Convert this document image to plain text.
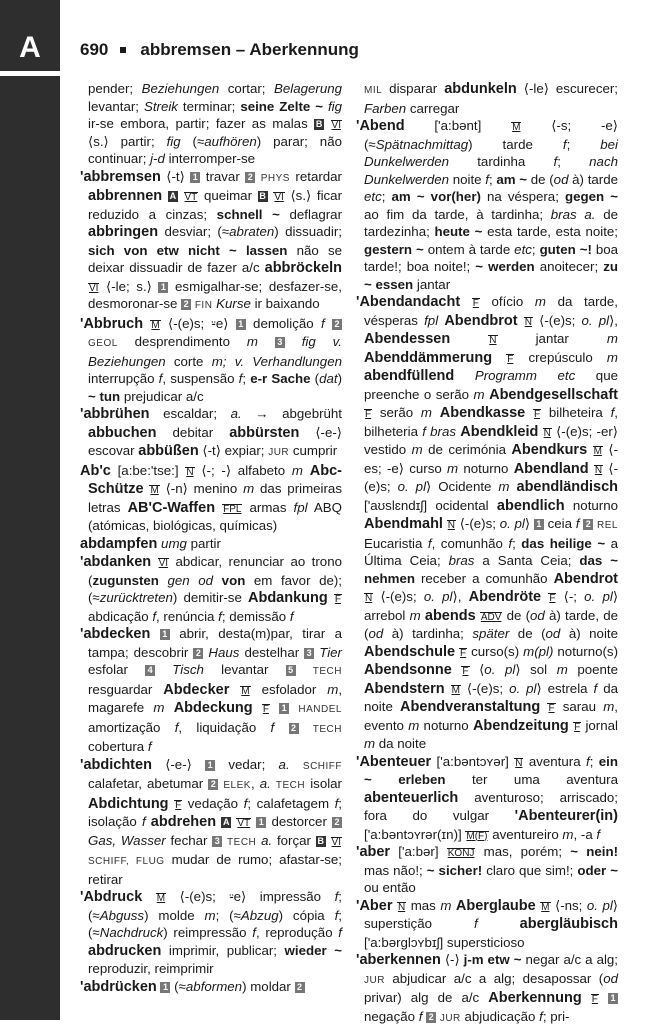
A 690 abbremsen – Aberkennung

pender; Beziehungen cortar; Belagerung levantar; Streik terminar; seine Zelte ~ fig ir-se embora, partir; fazer as malas B VI ⟨s.⟩ partir; fig (≈aufhören) parar; não continuar; j-d interromper-se

'abbremsen ⟨-t⟩ 1 travar 2 PHYS retardar abbrennen A VT queimar B VI ⟨s.⟩ ficar reduzido a cinzas; schnell ~ deflagrar abbringen desviar; (≈abraten) dissuadir; sich von etw nicht ~ lassen não se deixar dissuadir de fazer a/c abbröckeln VI ⟨-le; s.⟩ 1 esmigalhar-se; desfazer-se, desmoronar-se 2 FIN Kurse ir baixando

'Abbruch M ⟨-(e)s; ⸚e⟩ 1 demolição f 2 GEOL desprendimento m 3 fig v. Beziehungen corte m; v. Verhandlungen interrupção f, suspensão f; e-r Sache (dat) ~ tun prejudicar a/c

'abbrühen escaldar; a. → abgebrüht abbuchen debitar abbürsten ⟨-e-⟩ escovar abbüßen ⟨-t⟩ expiar; JUR cumprir

Ab'c [a:be:'tse:] N ⟨-; -⟩ alfabeto m Abc-Schütze M ⟨-n⟩ menino m das primeiras letras AB'C-Waffen FPL armas fpl ABQ (atómicas, biológicas, químicas)

abdampfen umg partir

'abdanken VI abdicar, renunciar ao trono (zugunsten gen od von em favor de); (≈zurücktreten) demitir-se Abdankung F abdicação f, renúncia f; demissão f

'abdecken 1 abrir, desta(m)par, tirar a tampa; descobrir 2 Haus destelhar 3 Tier esfolar 4 Tisch levantar 5 TECH resguardar Abdecker M esfolador m, magarefe m Abdeckung F 1 HANDEL amortização f, liquidação f 2 TECH cobertura f

'abdichten ⟨-e-⟩ 1 vedar; a. SCHIFF calafetar, abetumar 2 ELEK, a. TECH isolar Abdichtung F vedação f; calafetagem f; isolação f abdrehen A VT 1 destorcer 2 Gas, Wasser fechar 3 TECH a. forçar B VI SCHIFF, FLUG mudar de rumo; afastar-se; retirar

'Abdruck M ⟨-(e)s; ⸚e⟩ impressão f; (≈Abguss) molde m; (≈Abzug) cópia f; (≈Nachdruck) reimpressão f, reprodução f abdrucken imprimir, publicar; wieder ~ reproduzir, reimprimir

'abdrücken 1 (≈abformen) moldar 2

MIL disparar abdunkeln ⟨-le⟩ escurecer; Farben carregar

'Abend ['a:bənt] M ⟨-s; -e⟩ (≈Spätnachmittag) tarde f; bei Dunkelwerden tardinha f; nach Dunkelwerden noite f; am ~ de (od à) tarde etc; am ~ vor(her) na véspera; gegen ~ ao fim da tarde, à tardinha; bras a. de tardezinha; heute ~ esta tarde, esta noite; gestern ~ ontem à tarde etc; guten ~! boa tarde!; boa noite!; ~ werden anoitecer; zu ~ essen jantar

'Abendandacht F ofício m da tarde, vésperas fpl Abendbrot N ⟨-(e)s; o. pl⟩, Abendessen	N jantar m Abenddämmerung F crepúsculo m abendfüllend Programm etc que preenche o serão m Abendgesellschaft F serão m Abendkasse F bilheteira f, bilheteria f bras Abendkleid N ⟨-(e)s; -er⟩ vestido m de cerimónia Abendkurs M ⟨-es; -e⟩ curso m noturno Abendland N ⟨-(e)s; o. pl⟩ Ocidente m abendländisch ['aʊslɛndɪʃ] ocidental abendlich noturno Abendmahl N ⟨-(e)s; o. pl⟩ 1 ceia f 2 REL Eucaristia f, comunhão f; das heilige ~ a Última Ceia; bras a Santa Ceia; das ~ nehmen receber a comunhão Abendrot N ⟨-(e)s; o. pl⟩, Abendröte F ⟨-; o. pl⟩ arrebol m abends ADV de (od à) tarde, de (od à) tardinha; später de (od à) noite Abendschule F curso(s) m(pl) noturno(s) Abendsonne F ⟨o. pl⟩ sol m poente Abendstern M ⟨-(e)s; o. pl⟩ estrela f da noite Abendveranstaltung F sarau m, evento m noturno Abendzeitung F jornal m da noite

'Abenteuer ['a:bəntɔʏər] N aventura f; ein ~ erleben ter uma aventura abenteuerlich aventuroso; arriscado; fora do vulgar 'Abenteurer(in) ['a:bəntɔʏrər(ɪn)] M(F) aventureiro m, -a f

'aber ['a:bər] KONJ mas, porém; ~ nein! mas não!; ~ sicher! claro que sim!; oder ~ ou então

'Aber N mas m Aberglaube M ⟨-ns; o. pl⟩ superstição f	abergläubisch ['a:bərglɔʏbɪʃ] supersticioso

'aberkennen ⟨-⟩ j-m etw ~ negar a/c a alg; JUR abjudicar a/c a alg; desapossar (od privar) alg de a/c Aberkennung F 1 negação f 2 JUR abjudicação f; pri-
